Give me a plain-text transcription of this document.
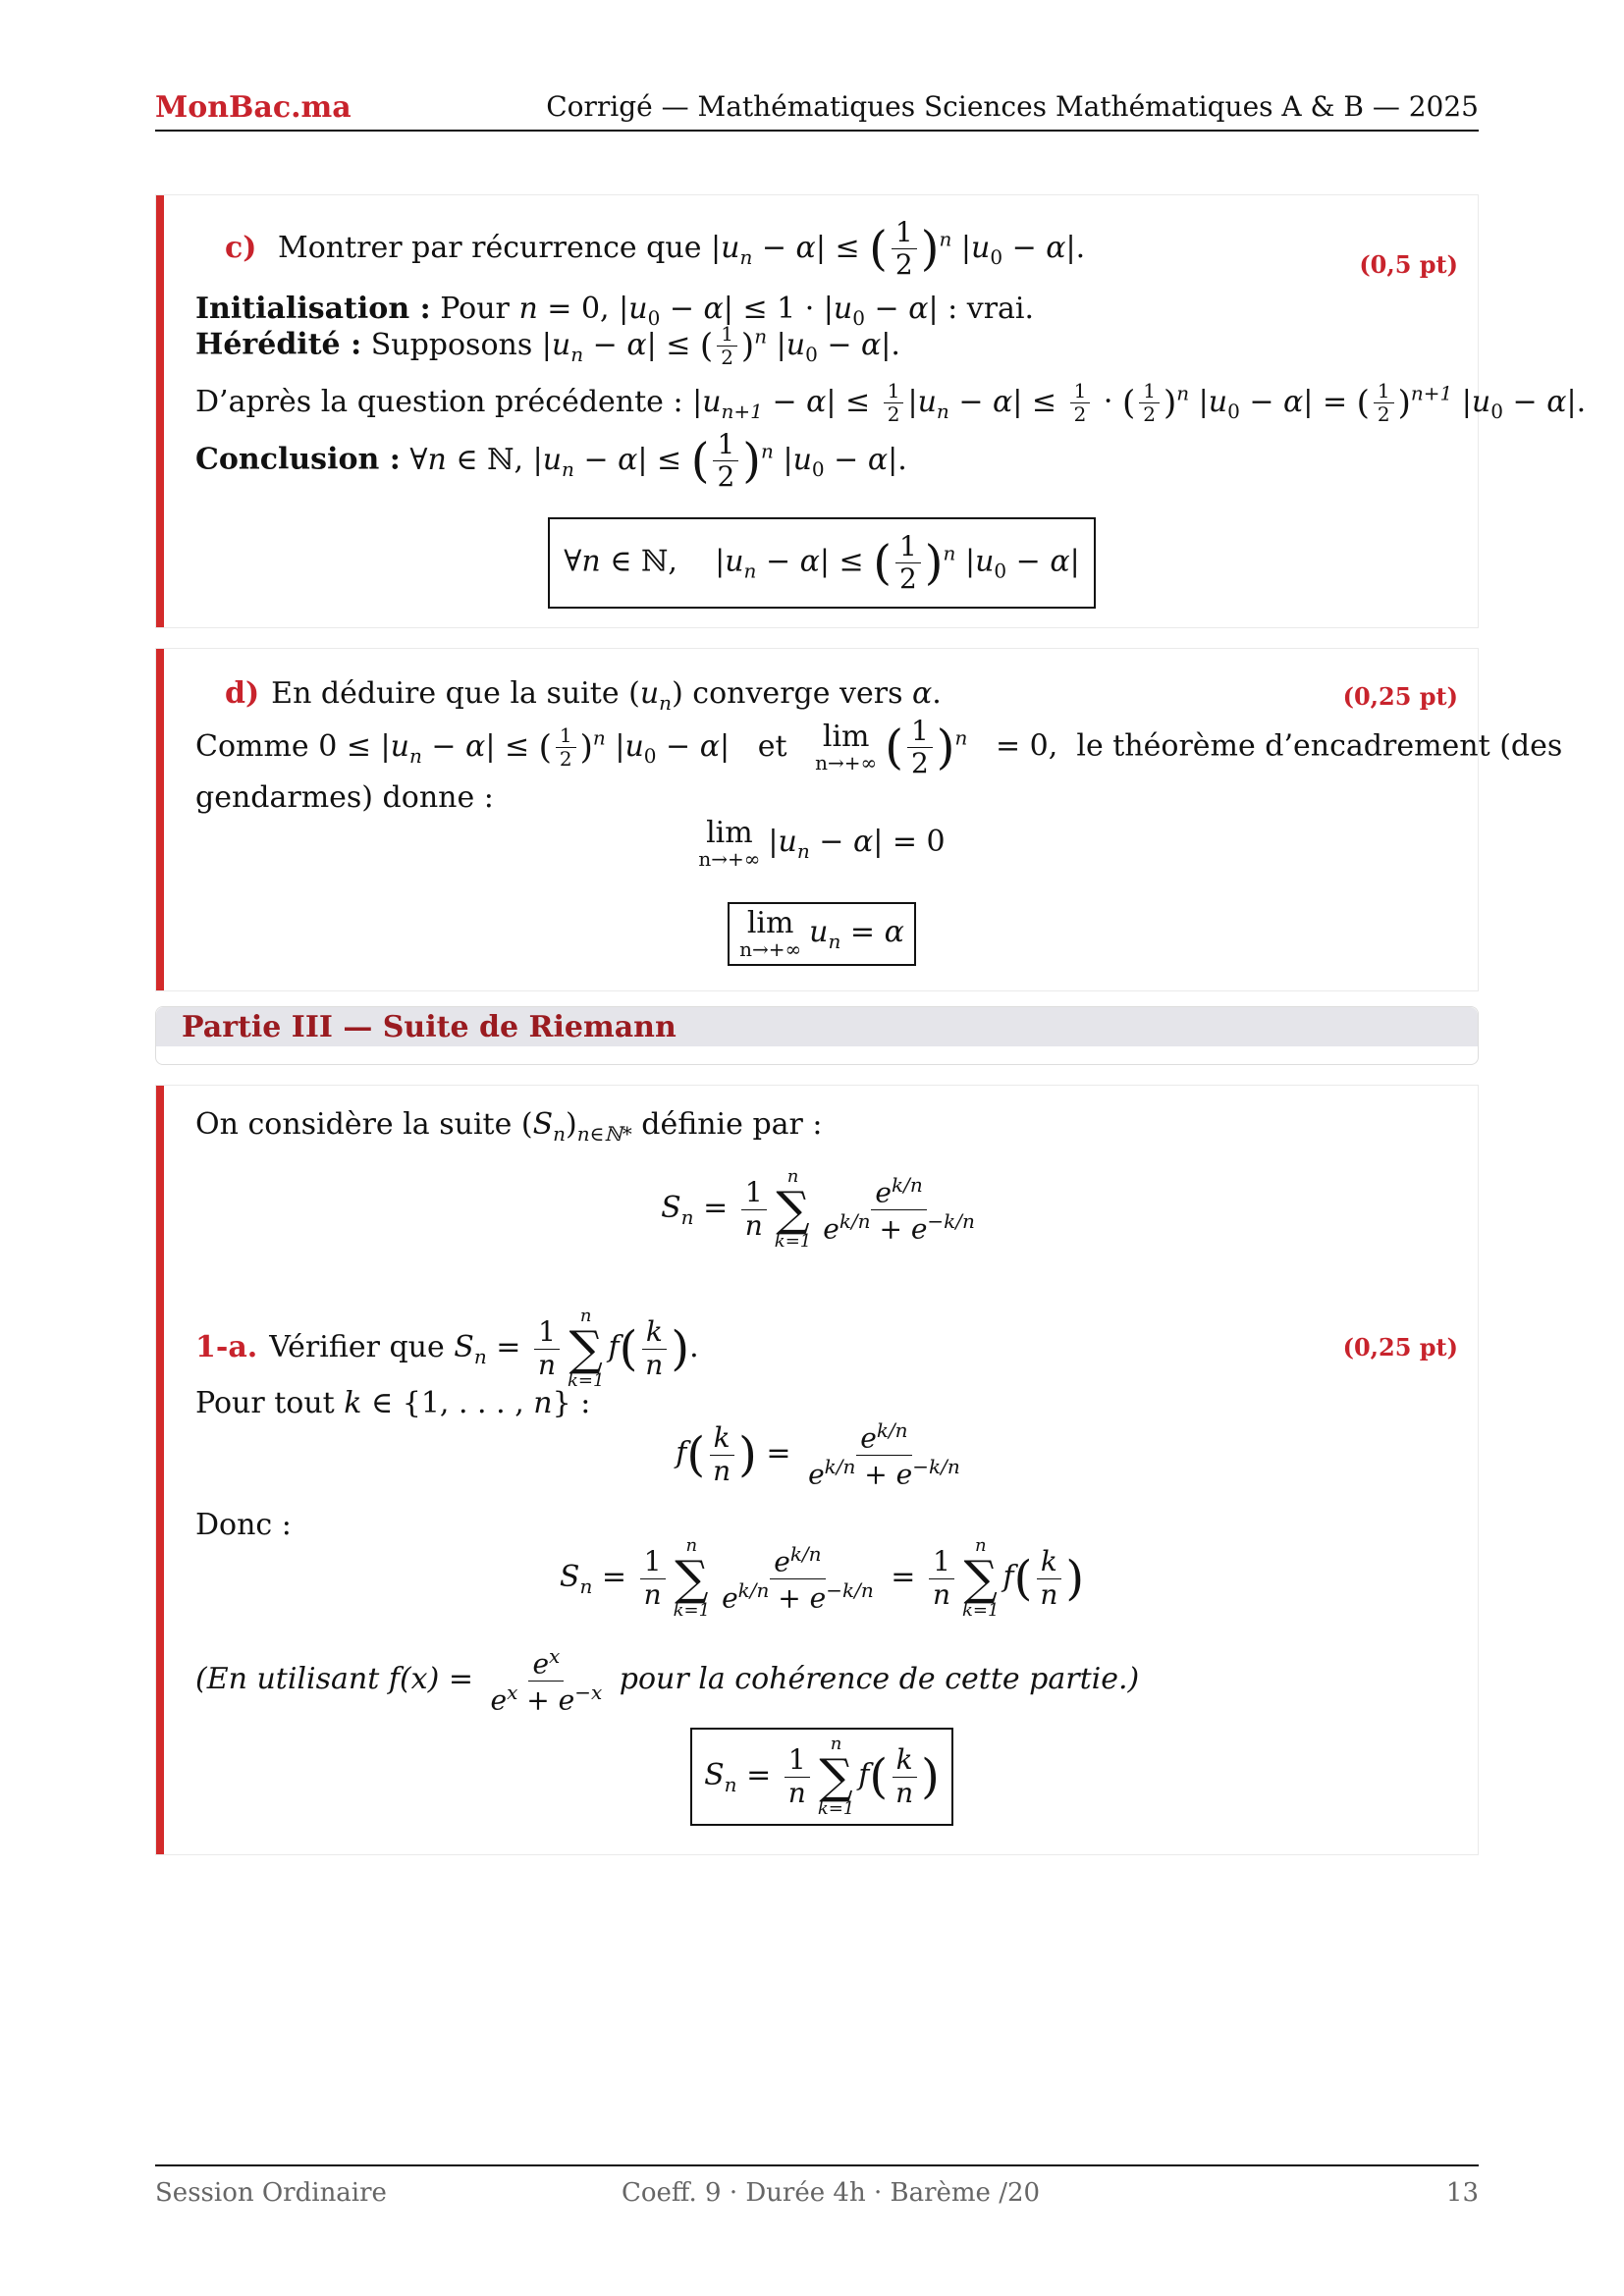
MonBac.ma	Corrigé — Mathématiques Sciences Mathématiques A & B — 2025
c) Montrer par récurrence que $|u_n - \alpha|$ ≤ ( $\frac{1}{2} )^n$ $|u_0 - \alpha|$.	(0,5 pt)
Initialisation : Pour n = 0, $|u_0 - \alpha| \le 1 \cdot |u_0 - \alpha|$ : vrai.
Hérédité : Supposons $|u_n - \alpha|$ ≤ ( $\frac{1}{2} )^n$ $|u_0 - \alpha|$.
D’après la question précédente : $|u_{n+1} - \alpha| \le \frac{1}{2} |u_n - \alpha| \le \frac{1}{2}$ · ( $\frac{1}{2} )^n$ $|u_0 - \alpha|$ = ( $\frac{1}{2} )^{n+1}$ $|u_0 - \alpha|$.
Conclusion : ∀n ∈ ℕ, $|u_n - \alpha|$ ≤ ( $\frac{1}{2} )^n$ $|u_0 - \alpha|$.
∀n ∈ ℕ,    $|u_n - \alpha|$ ≤ ( $\frac{1}{2} )^n$ $|u_0 - \alpha|$
d) En déduire que la suite $(u_n)$ converge vers α.	(0,25 pt)
Comme $0 \le |u_n - \alpha|$ ≤ ( $\frac{1}{2} )^n$ $|u_0 - \alpha|$   et lim
n→+∞ ( $\frac{1}{2} )^n = 0$,  le théorème d’encadrement (des
gendarmes) donne :
lim
n→+∞ $|u_n - \alpha| = 0$
lim
n→+∞ $u_n = \alpha$
Partie III — Suite de Riemann
On considère la suite $(S_n)_{n\in ℕ*}$ définie par :
$S_n = \frac{1}{n}$
n
∑
$k=1 \frac{e^{k/n}}{e^{k/n} + e^{-k/n}}$
1-a. Vérifier que $S_n = \frac{1}{n}$
n
∑
k=1
$f( \frac{k}{n}$ ).	(0,25 pt)
Pour tout k ∈ {1, . . . , n} :
$f( \frac{k}{n}$ ) = $\frac{e^{k/n}}{e^{k/n} + e^{-k/n}}$
Donc :
$S_n = \frac{1}{n}$
n
∑
$k=1 \frac{e^{k/n}}{e^{k/n} + e^{-k/n}} = \frac{1}{n}$
n
∑
k=1
$f( \frac{k}{n}$ )
(En utilisant $f(x) = \frac{e^x}{e^x + e^{-x}}$ pour la cohérence de cette partie.)
$S_n = \frac{1}{n}$
n
∑
k=1
$f( \frac{k}{n}$ )
Session Ordinaire	Coeff. 9 · Durée 4h · Barème /20	13
